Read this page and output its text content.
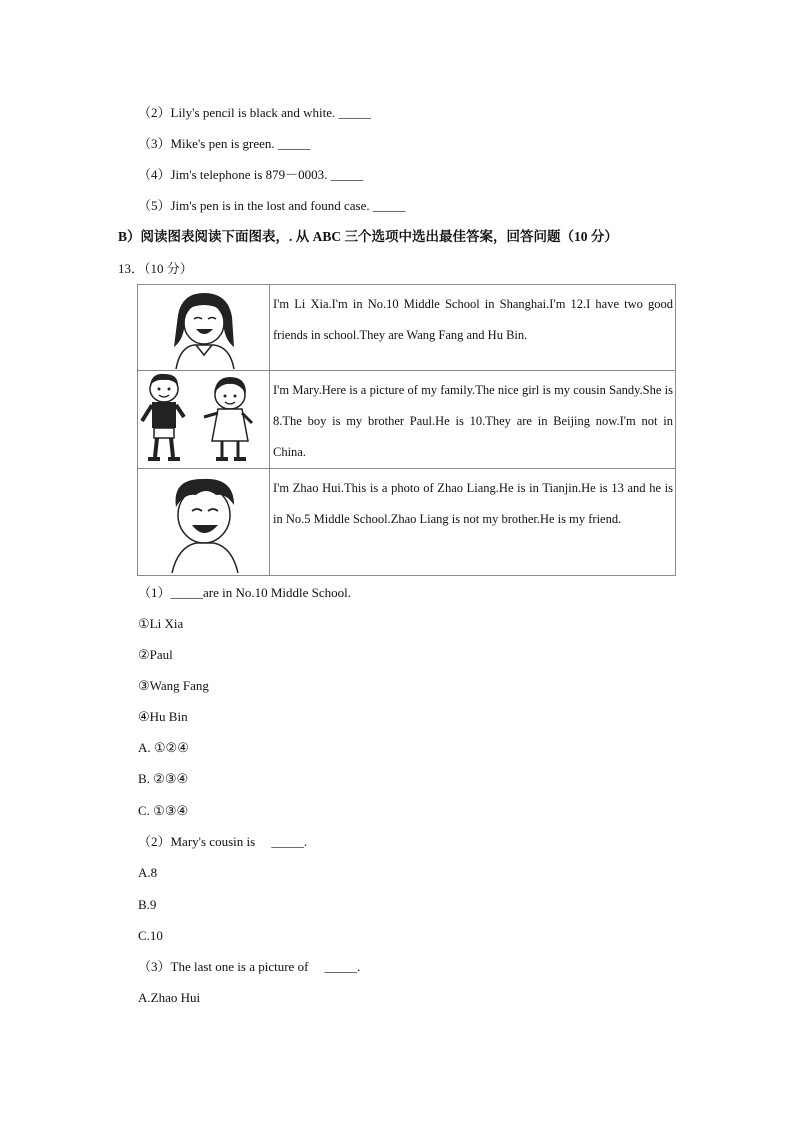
（2）Lily's pencil is black and white. _____
（3）Mike's pen is green. _____
（4）Jim's telephone is 879－0003. _____
（5）Jim's pen is in the lost and found case. _____
B）阅读图表阅读下面图表，. 从 ABC 三个选项中选出最佳答案，回答问题（10 分）
13．（10 分）
	I'm Li Xia.I'm in No.10 Middle School in Shanghai.I'm 12.I have two good friends in school.They are Wang Fang and Hu Bin.

	I'm Mary.Here is a picture of my family.The nice girl is my cousin Sandy.She is 8.The boy is my brother Paul.He is 10.They are in Beijing now.I'm not in China.

	I'm Zhao Hui.This is a photo of Zhao Liang.He is in Tianjin.He is 13 and he is in No.5 Middle School.Zhao Liang is not my brother.He is my friend.
（1）_____are in No.10 Middle School.
①Li Xia
②Paul
③Wang Fang
④Hu Bin
A. ①②④
B. ②③④
C. ①③④
（2）Mary's cousin is     _____.
A.8
B.9
C.10
（3）The last one is a picture of     _____.
A.Zhao Hui
